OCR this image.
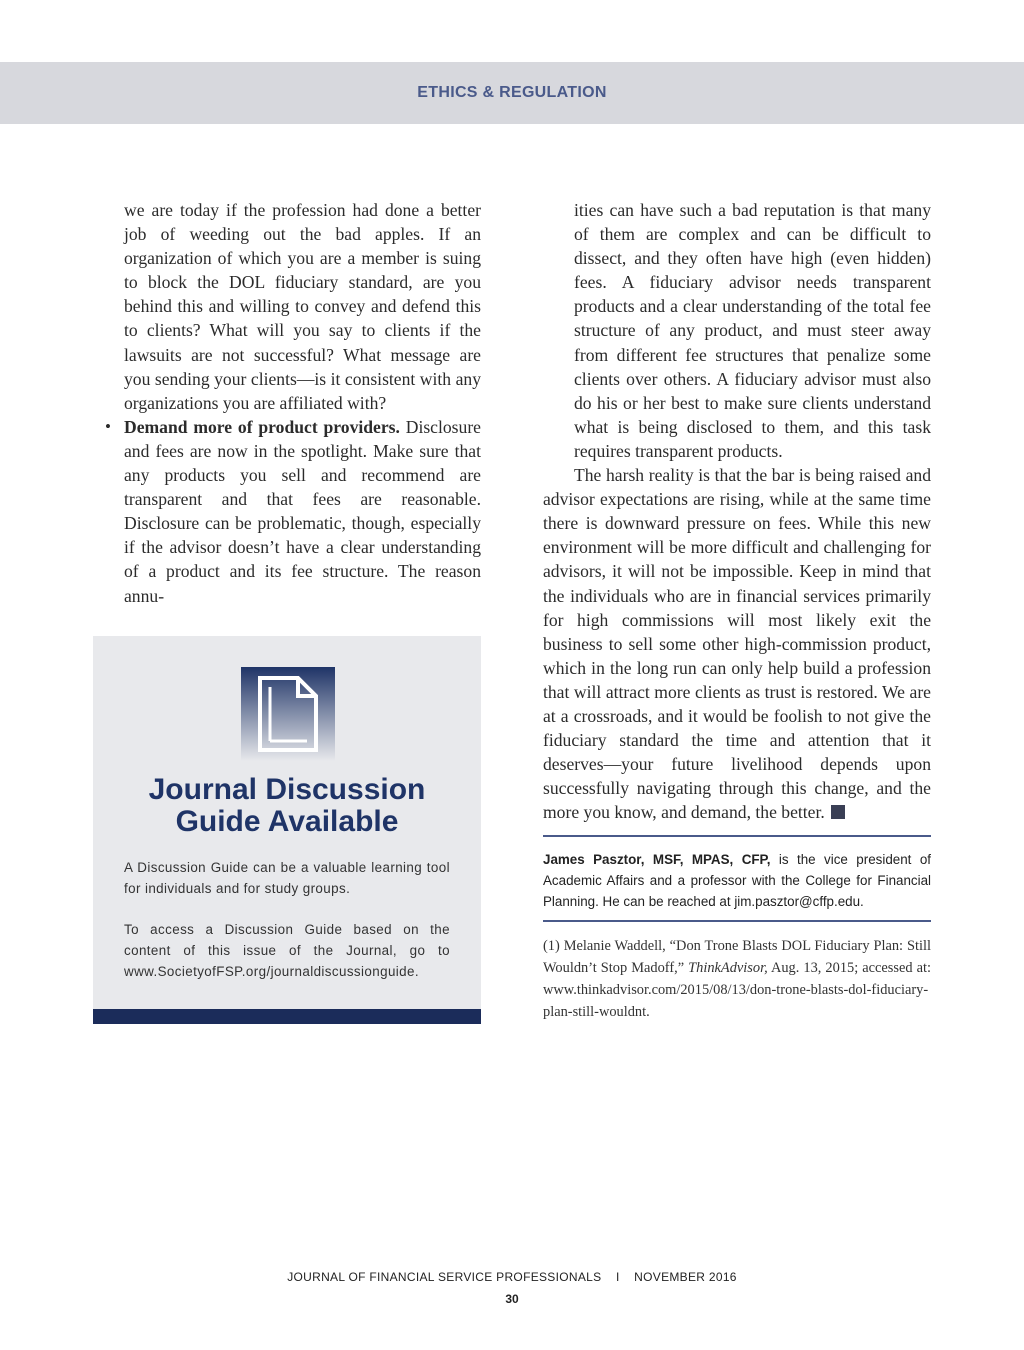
ETHICS & REGULATION

we are today if the profession had done a better job of weeding out the bad apples. If an organization of which you are a member is suing to block the DOL fiduciary standard, are you behind this and willing to convey and defend this to clients? What will you say to clients if the lawsuits are not successful? What message are you sending your clients—is it consistent with any organizations you are affiliated with?

• Demand more of product providers. Disclosure and fees are now in the spotlight. Make sure that any products you sell and recommend are transparent and that fees are reasonable. Disclosure can be problematic, though, especially if the advisor doesn’t have a clear understanding of a product and its fee structure. The reason annu-

Journal Discussion
Guide Available

A Discussion Guide can be a valuable learning tool for individuals and for study groups.

To access a Discussion Guide based on the content of this issue of the Journal, go to www.SocietyofFSP.org/journaldiscussionguide.

ities can have such a bad reputation is that many of them are complex and can be difficult to dissect, and they often have high (even hidden) fees. A fiduciary advisor needs transparent products and a clear understanding of the total fee structure of any product, and must steer away from different fee structures that penalize some clients over others. A fiduciary advisor must also do his or her best to make sure clients understand what is being disclosed to them, and this task requires transparent products.

The harsh reality is that the bar is being raised and advisor expectations are rising, while at the same time there is downward pressure on fees. While this new environment will be more difficult and challenging for advisors, it will not be impossible. Keep in mind that the individuals who are in financial services primarily for high commissions will most likely exit the business to sell some other high-commission product, which in the long run can only help build a profession that will attract more clients as trust is restored. We are at a crossroads, and it would be foolish to not give the fiduciary standard the time and attention that it deserves—your future livelihood depends upon successfully navigating through this change, and the more you know, and demand, the better.

James Pasztor, MSF, MPAS, CFP, is the vice president of Academic Affairs and a professor with the College for Financial Planning. He can be reached at jim.pasztor@cffp.edu.

(1) Melanie Waddell, “Don Trone Blasts DOL Fiduciary Plan: Still Wouldn’t Stop Madoff,” ThinkAdvisor, Aug. 13, 2015; accessed at: www.thinkadvisor.com/2015/08/13/don-trone-blasts-dol-fiduciary-plan-still-wouldnt.

JOURNAL OF FINANCIAL SERVICE PROFESSIONALS I NOVEMBER 2016
30
